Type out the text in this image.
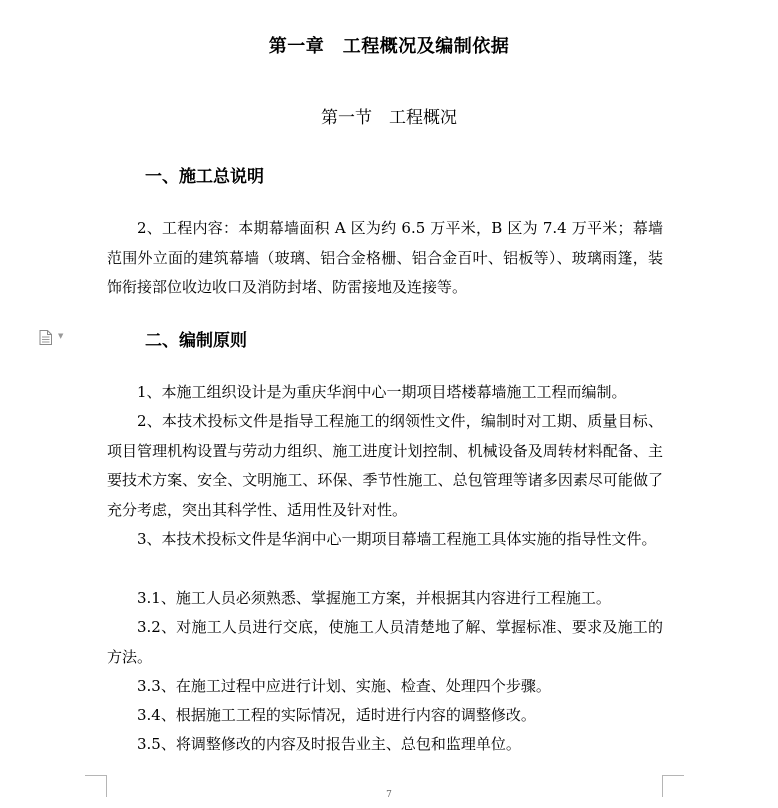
第一章　工程概况及编制依据
第一节　工程概况
一、施工总说明

2、工程内容：本期幕墙面积 A 区为约 6.5 万平米，B 区为 7.4 万平米；幕墙范围外立面的建筑幕墙（玻璃、铝合金格栅、铝合金百叶、铝板等）、玻璃雨篷，装饰衔接部位收边收口及消防封堵、防雷接地及连接等。

▼	二、编制原则

1、本施工组织设计是为重庆华润中心一期项目塔楼幕墙施工工程而编制。

2、本技术投标文件是指导工程施工的纲领性文件，编制时对工期、质量目标、项目管理机构设置与劳动力组织、施工进度计划控制、机械设备及周转材料配备、主要技术方案、安全、文明施工、环保、季节性施工、总包管理等诸多因素尽可能做了充分考虑，突出其科学性、适用性及针对性。

3、本技术投标文件是华润中心一期项目幕墙工程施工具体实施的指导性文件。

3.1、施工人员必须熟悉、掌握施工方案，并根据其内容进行工程施工。

3.2、对施工人员进行交底，使施工人员清楚地了解、掌握标准、要求及施工的方法。

3.3、在施工过程中应进行计划、实施、检查、处理四个步骤。

3.4、根据施工工程的实际情况，适时进行内容的调整修改。

3.5、将调整修改的内容及时报告业主、总包和监理单位。

7
